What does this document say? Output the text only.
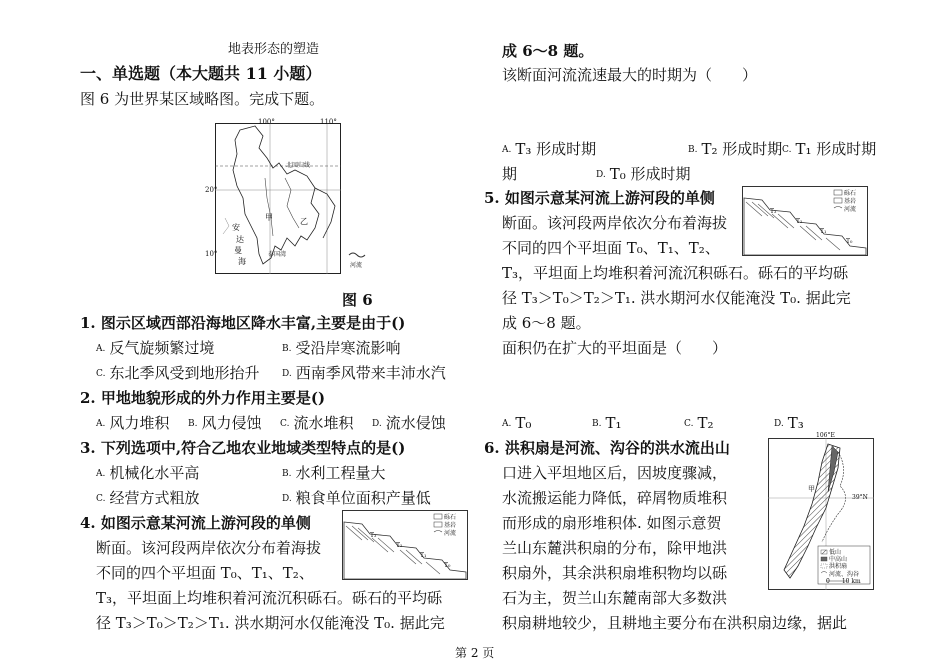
地表形态的塑造
一、单选题（本大题共 11 小题）
图 6 为世界某区域略图。完成下题。
100°	110°
20°
10°
北回归线
安
达
曼
海
甲	乙
泰国湾
河流
图 6
1. 图示区域西部沿海地区降水丰富,主要是由于()
A. 反气旋频繁过境	B. 受沿岸寒流影响
C. 东北季风受到地形抬升	D. 西南季风带来丰沛水汽
2. 甲地地貌形成的外力作用主要是()
A. 风力堆积 B. 风力侵蚀 C. 流水堆积 D. 流水侵蚀
3. 下列选项中,符合乙地农业地域类型特点的是()
A. 机械化水平高	B. 水利工程量大
C. 经营方式粗放	D. 粮食单位面积产量低
4. 如图示意某河流上游河段的单侧
断面。该河段两岸依次分布着海拔
不同的四个平坦面 T₀、T₁、T₂、
T₃，平坦面上均堆积着河流沉积砾石。砾石的平均砾
径 T₃＞T₀＞T₂＞T₁. 洪水期河水仅能淹没 T₀. 据此完
砾石
基岩
河流
T₃
T₂
T₁
T₀
成 6～8 题。
该断面河流流速最大的时期为（　　）
A. T₃ 形成时期	B. T₂ 形成时期 C. T₁ 形成时期
期	D. T₀ 形成时期
5. 如图示意某河流上游河段的单侧
断面。该河段两岸依次分布着海拔
不同的四个平坦面 T₀、T₁、T₂、
T₃，平坦面上均堆积着河流沉积砾石。砾石的平均砾
径 T₃＞T₀＞T₂＞T₁. 洪水期河水仅能淹没 T₀. 据此完
成 6～8 题。
面积仍在扩大的平坦面是（　　）
A. T₀	B. T₁	C. T₂	D. T₃
砾石
基岩
河流
T₃
T₂
T₁
T₀
6. 洪积扇是河流、沟谷的洪水流出山
口进入平坦地区后，因坡度骤减，
水流搬运能力降低，碎屑物质堆积
而形成的扇形堆积体. 如图示意贺
兰山东麓洪积扇的分布，除甲地洪
积扇外，其余洪积扇堆积物均以砾
石为主，贺兰山东麓南部大多数洪
积扇耕地较少，且耕地主要分布在洪积扇边缘，据此
106°E
39°N
甲
低山
中高山
洪积扇
河流、沟谷
0　　10 km
第 2 页
